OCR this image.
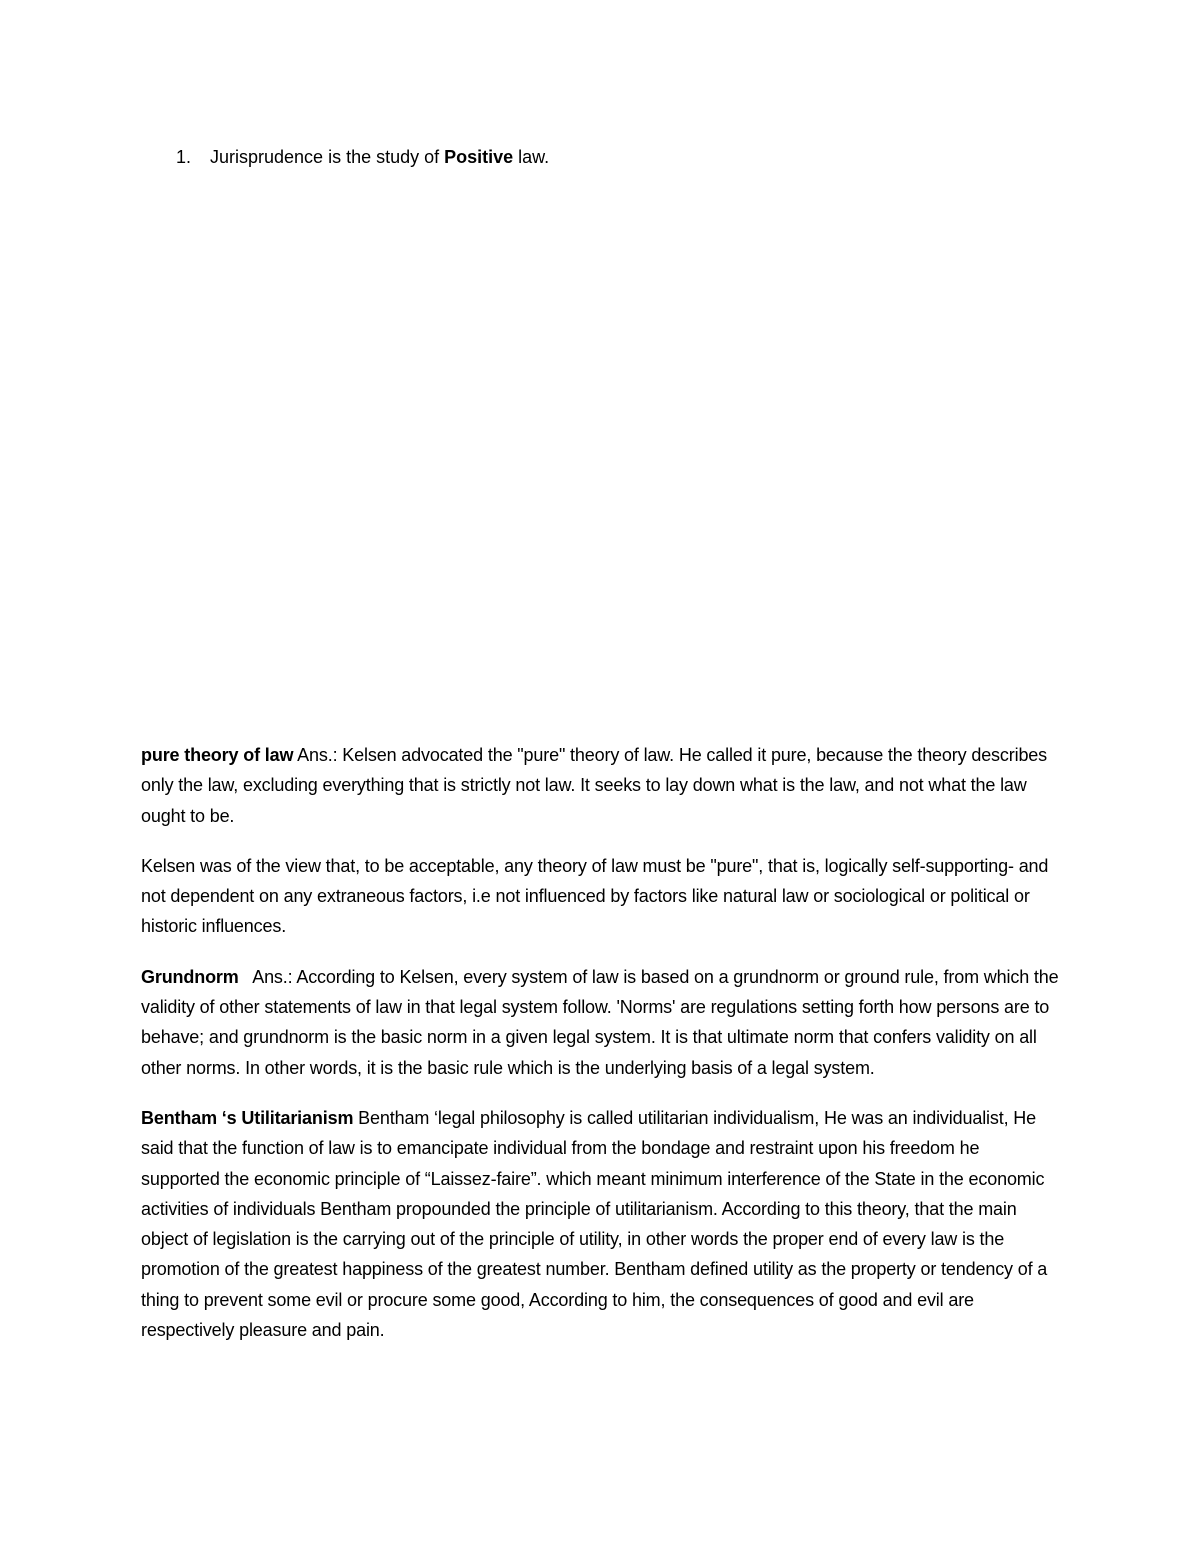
1. Jurisprudence is the study of Positive law.

pure theory of law Ans.: Kelsen advocated the "pure" theory of law. He called it pure, because the theory describes only the law, excluding everything that is strictly not law. It seeks to lay down what is the law, and not what the law ought to be.

Kelsen was of the view that, to be acceptable, any theory of law must be "pure", that is, logically self-supporting- and not dependent on any extraneous factors, i.e not influenced by factors like natural law or sociological or political or historic influences.

Grundnorm   Ans.: According to Kelsen, every system of law is based on a grundnorm or ground rule, from which the validity of other statements of law in that legal system follow. 'Norms' are regulations setting forth how persons are to behave; and grundnorm is the basic norm in a given legal system. It is that ultimate norm that confers validity on all other norms. In other words, it is the basic rule which is the underlying basis of a legal system.

Bentham ‘s Utilitarianism Bentham ‘legal philosophy is called utilitarian individualism, He was an individualist, He said that the function of law is to emancipate individual from the bondage and restraint upon his freedom he supported the economic principle of “Laissez-faire”. which meant minimum interference of the State in the economic activities of individuals Bentham propounded the principle of utilitarianism. According to this theory, that the main object of legislation is the carrying out of the principle of utility, in other words the proper end of every law is the promotion of the greatest happiness of the greatest number. Bentham defined utility as the property or tendency of a thing to prevent some evil or procure some good, According to him, the consequences of good and evil are respectively pleasure and pain.
